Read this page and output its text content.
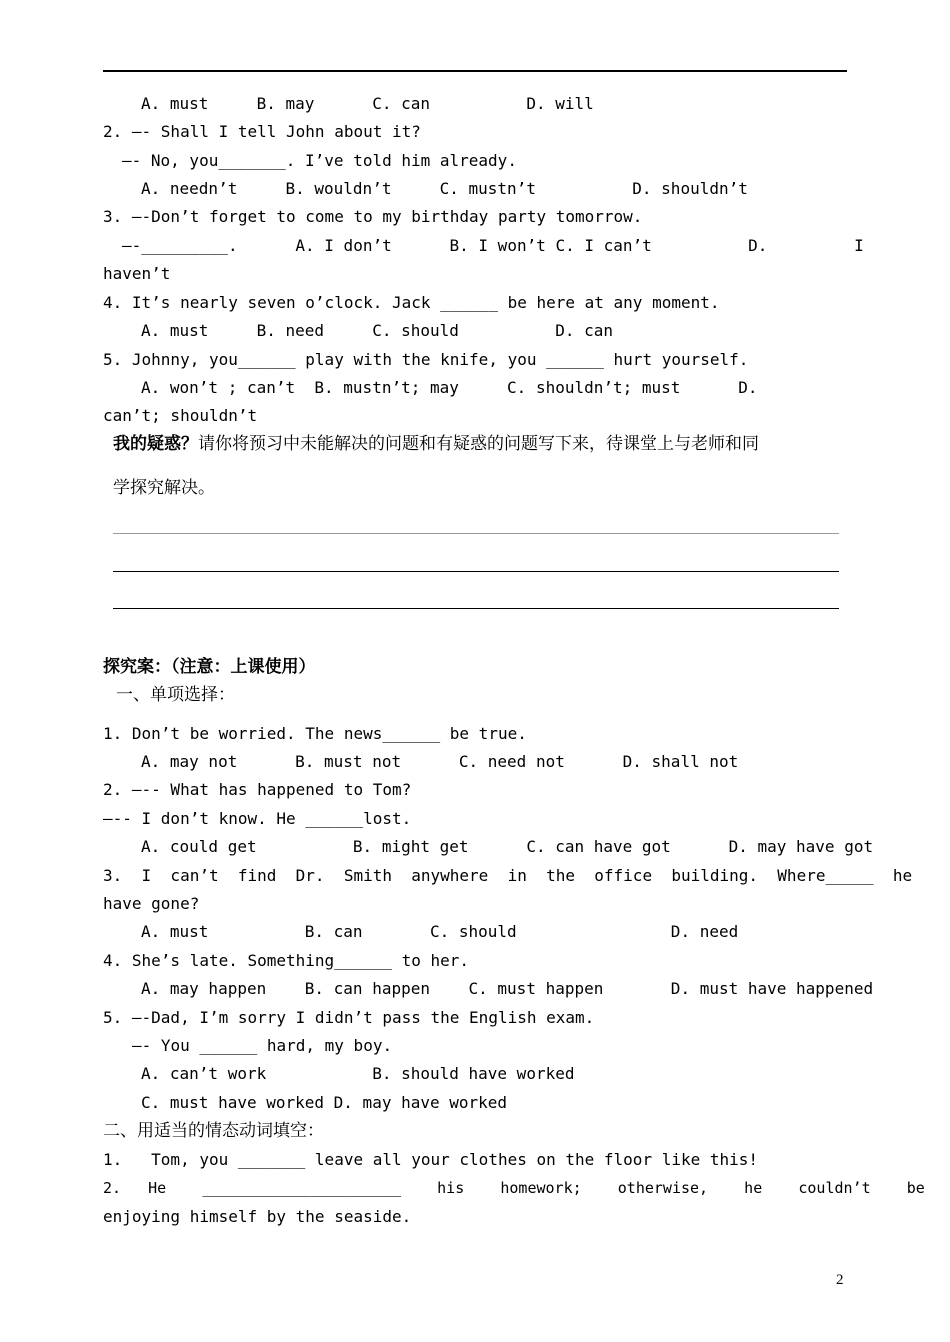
A. must     B. may      C. can          D. will
2. —- Shall I tell John about it?
—- No, you_______. I’ve told him already.
A. needn’t     B. wouldn’t     C. mustn’t          D. shouldn’t
3. —-Don’t forget to come to my birthday party tomorrow.
—-_________.      A. I don’t      B. I won’t C. I can’t          D.         I
haven’t
4. It’s nearly seven o’clock. Jack ______ be here at any moment.
A. must     B. need     C. should          D. can
5. Johnny, you______ play with the knife, you ______ hurt yourself.
A. won’t ; can’t  B. mustn’t; may     C. shouldn’t; must      D.
can’t; shouldn’t
我的疑惑？请你将预习中未能解决的问题和有疑惑的问题写下来，待课堂上与老师和同
学探究解决。
探究案：（注意：上课使用）
一、单项选择：
1. Don’t be worried. The news______ be true.
A. may not      B. must not      C. need not      D. shall not
2. —-- What has happened to Tom?
—-- I don’t know. He ______lost.
A. could get          B. might get      C. can have got      D. may have got
3.  I  can’t  find  Dr.  Smith  anywhere  in  the  office  building.  Where_____  he
have gone?
A. must          B. can       C. should                D. need
4. She’s late. Something______ to her.
A. may happen    B. can happen    C. must happen       D. must have happened
5. —-Dad, I’m sorry I didn’t pass the English exam.
—- You ______ hard, my boy.
A. can’t work           B. should have worked
C. must have worked D. may have worked
二、用适当的情态动词填空：
1.   Tom, you _______ leave all your clothes on the floor like this!
2.   He    ______________________    his    homework;    otherwise,    he    couldn’t    be
enjoying himself by the seaside.
2
